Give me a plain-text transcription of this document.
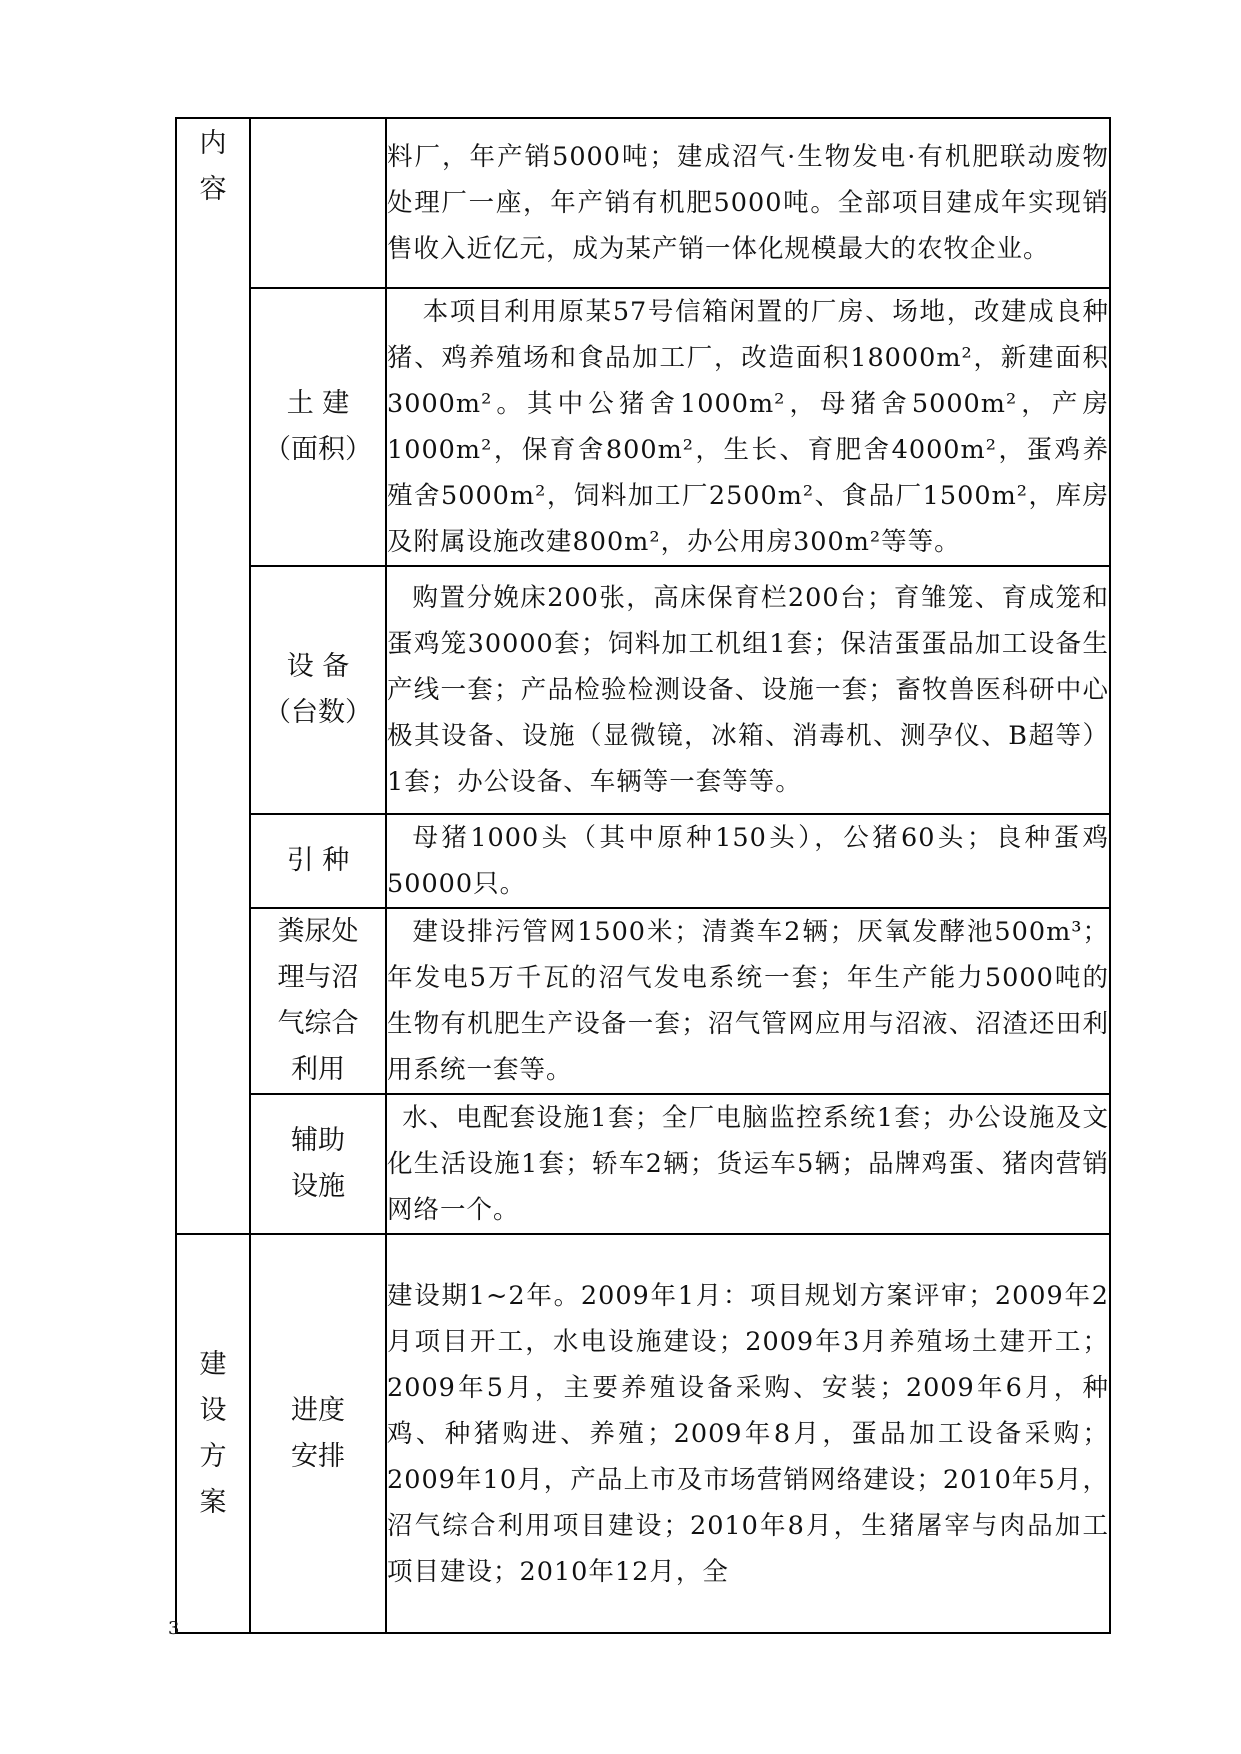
内
容		料厂，年产销5000吨；建成沼气·生物发电·有机肥联动废物处理厂一座，年产销有机肥5000吨。全部项目建成年实现销售收入近亿元，成为某产销一体化规模最大的农牧企业。

	土 建
（面积）	本项目利用原某57号信箱闲置的厂房、场地，改建成良种猪、鸡养殖场和食品加工厂，改造面积18000m²，新建面积3000m²。其中公猪舍1000m²，母猪舍5000m²，产房1000m²，保育舍800m²，生长、育肥舍4000m²，蛋鸡养殖舍5000m²，饲料加工厂2500m²、食品厂1500m²，库房及附属设施改建800m²，办公用房300m²等等。

	设 备
（台数）	购置分娩床200张，高床保育栏200台；育雏笼、育成笼和蛋鸡笼30000套；饲料加工机组1套；保洁蛋蛋品加工设备生产线一套；产品检验检测设备、设施一套；畜牧兽医科研中心极其设备、设施（显微镜，冰箱、消毒机、测孕仪、B超等）1套；办公设备、车辆等一套等等。

	引 种	母猪1000头（其中原种150头），公猪60头；良种蛋鸡50000只。

	粪尿处
理与沼
气综合
利用	建设排污管网1500米；清粪车2辆；厌氧发酵池500m³；年发电5万千瓦的沼气发电系统一套；年生产能力5000吨的生物有机肥生产设备一套；沼气管网应用与沼液、沼渣还田利用系统一套等。

	辅助
设施	水、电配套设施1套；全厂电脑监控系统1套；办公设施及文化生活设施1套；轿车2辆；货运车5辆；品牌鸡蛋、猪肉营销网络一个。

建
设
方
案	进度
安排	建设期1~2年。2009年1月：项目规划方案评审；2009年2月项目开工，水电设施建设；2009年3月养殖场土建开工；2009年5月，主要养殖设备采购、安装；2009年6月，种鸡、种猪购进、养殖；2009年8月，蛋品加工设备采购；2009年10月，产品上市及市场营销网络建设；2010年5月，沼气综合利用项目建设；2010年8月，生猪屠宰与肉品加工项目建设；2010年12月，全

3
